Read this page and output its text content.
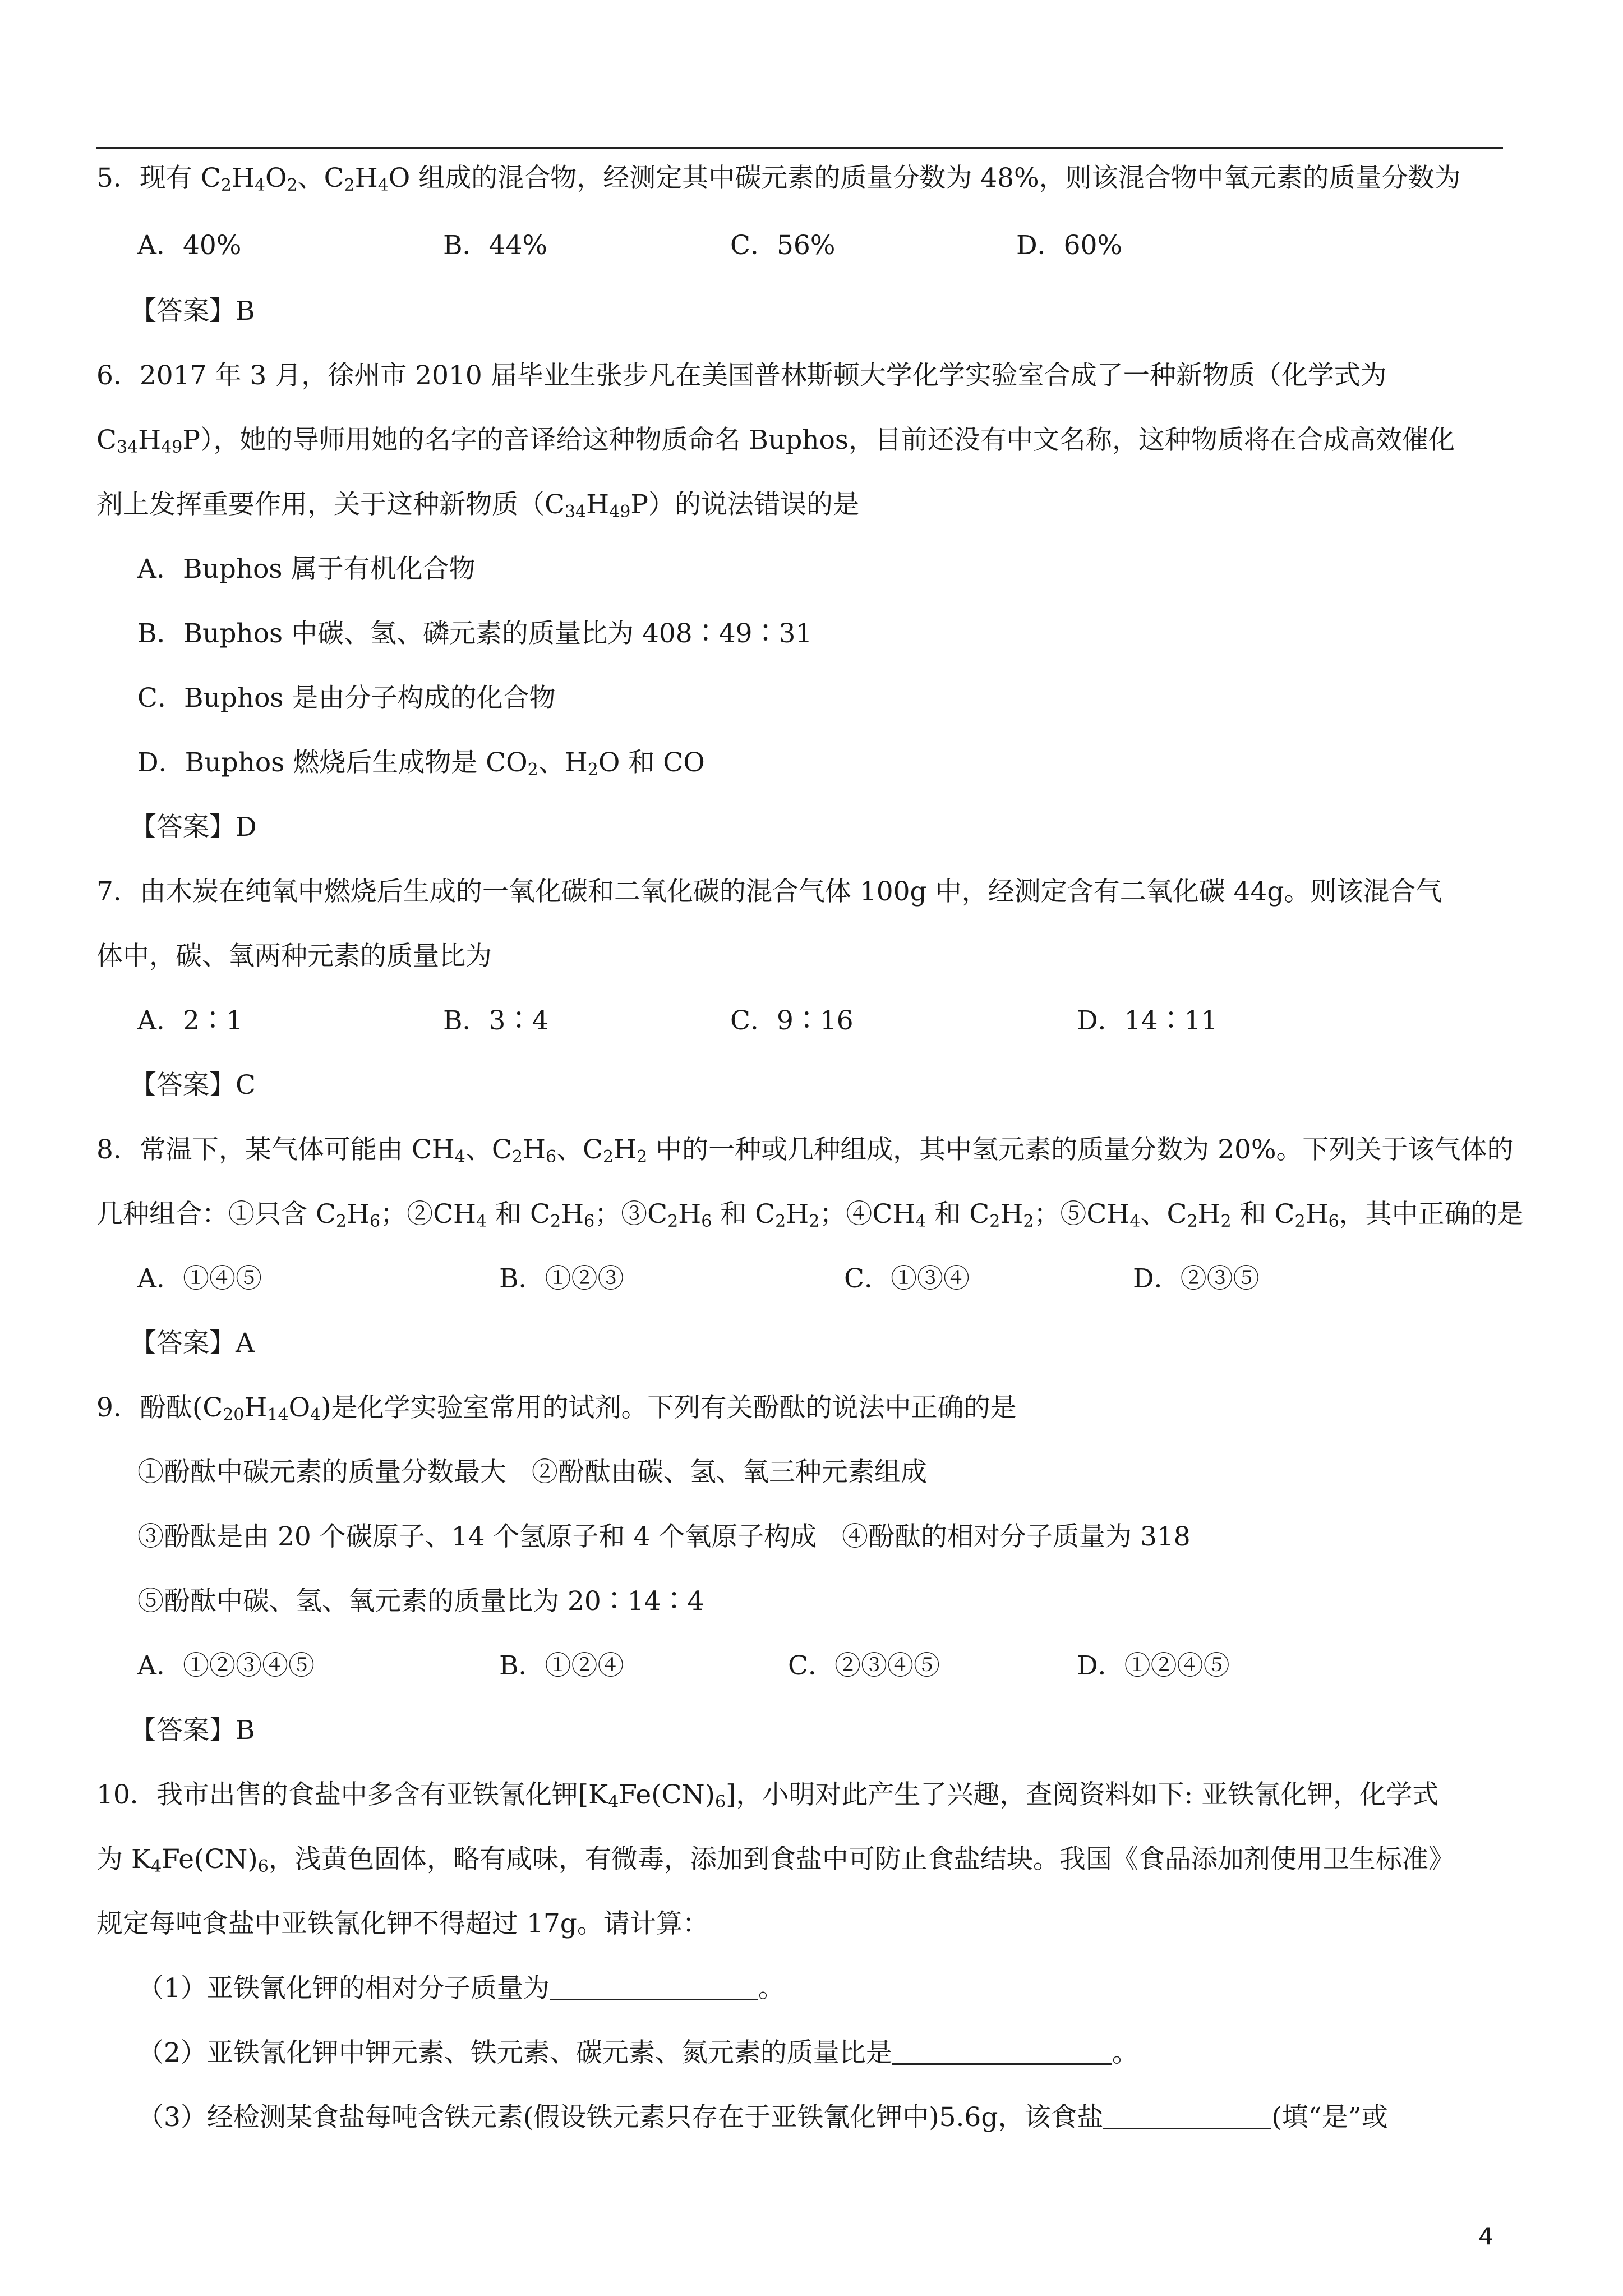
5．现有 $C_2H_4O_2$、$C_2H_4O$ 组成的混合物，经测定其中碳元素的质量分数为 48%，则该混合物中氧元素的质量分数为
A．40%	B．44%	C．56%	D．60%
【答案】B
6．2017 年 3 月，徐州市 2010 届毕业生张步凡在美国普林斯顿大学化学实验室合成了一种新物质（化学式为
$C_{34}H_{49}P$），她的导师用她的名字的音译给这种物质命名 Buphos，目前还没有中文名称，这种物质将在合成高效催化
剂上发挥重要作用，关于这种新物质$(C_{34}H_{49}P)$的说法错误的是
A．Buphos 属于有机化合物
B．Buphos 中碳、氢、磷元素的质量比为 408∶49∶31
C．Buphos 是由分子构成的化合物
D．Buphos 燃烧后生成物是 $CO_2$、$H_2O$ 和 CO
【答案】D
7．由木炭在纯氧中燃烧后生成的一氧化碳和二氧化碳的混合气体 100g 中，经测定含有二氧化碳 44g。则该混合气
体中，碳、氧两种元素的质量比为
A．2∶1	B．3∶4	C．9∶16	D．14∶11
【答案】C
8．常温下，某气体可能由 $CH_4$、$C_2H_6$、$C_2H_2$ 中的一种或几种组成，其中氢元素的质量分数为 20%。下列关于该气体的
几种组合：①只含 $C_2H_6$；$②CH_4$ 和 $C_2H_6$；$③C_2H_6$ 和 $C_2H_2$；$④CH_4$ 和 $C_2H_2$；$⑤CH_4$、$C_2H_2$ 和 $C_2H_6$，其中正确的是
A．①④⑤	B．①②③	C．①③④	D．②③⑤
【答案】A
9．酚酞$(C_{20}H_{14}O_4)$是化学实验室常用的试剂。下列有关酚酞的说法中正确的是
①酚酞中碳元素的质量分数最大   ②酚酞由碳、氢、氧三种元素组成
③酚酞是由 20 个碳原子、14 个氢原子和 4 个氧原子构成   ④酚酞的相对分子质量为 318
⑤酚酞中碳、氢、氧元素的质量比为 20∶14∶4
A．①②③④⑤	B．①②④	C．②③④⑤	D．①②④⑤
【答案】B
10．我市出售的食盐中多含有亚铁氰化钾$[K_4Fe(CN)_6]$，小明对此产生了兴趣，查阅资料如下: 亚铁氰化钾，化学式
为 $K_4Fe(CN)_6$，浅黄色固体，略有咸味，有微毒，添加到食盐中可防止食盐结块。我国《食品添加剂使用卫生标准》
规定每吨食盐中亚铁氰化钾不得超过 17g。请计算：
（1）亚铁氰化钾的相对分子质量为	。
（2）亚铁氰化钾中钾元素、铁元素、碳元素、氮元素的质量比是	。
（3）经检测某食盐每吨含铁元素(假设铁元素只存在于亚铁氰化钾中)5.6g，该食盐	(填“是”或
4
